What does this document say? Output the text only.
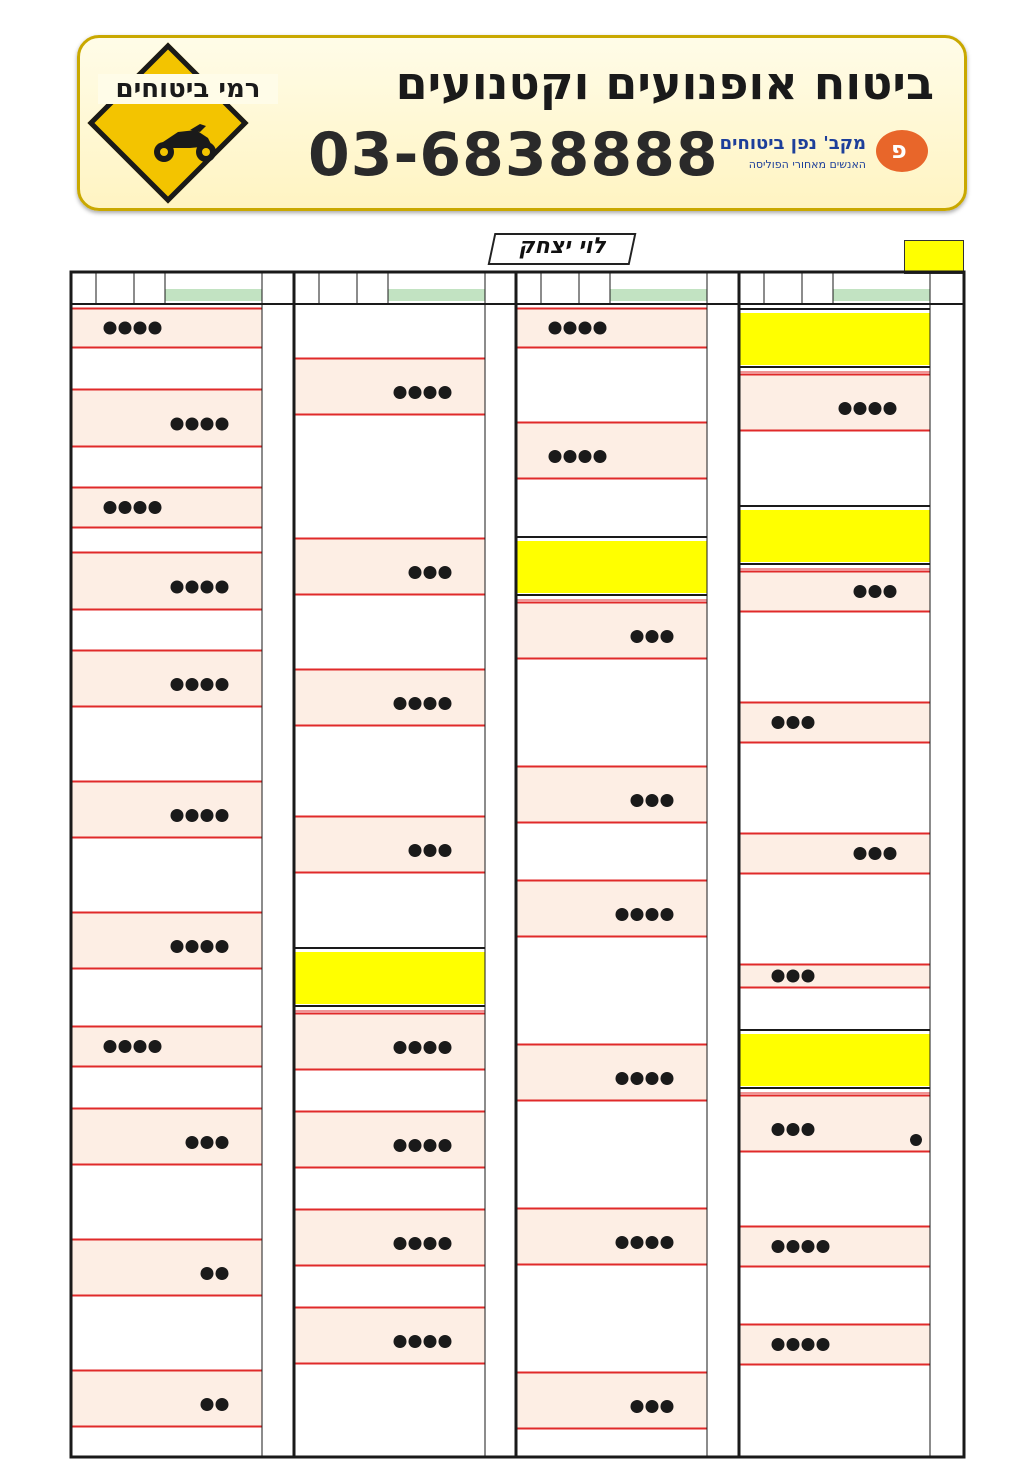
רמי ביטוחים	ביטוח אופנועים וקטנועים
03-6838888 מקב' נפן ביטוחים
האנשים מאחורי הפוליסה
פ
לוי יצחק
